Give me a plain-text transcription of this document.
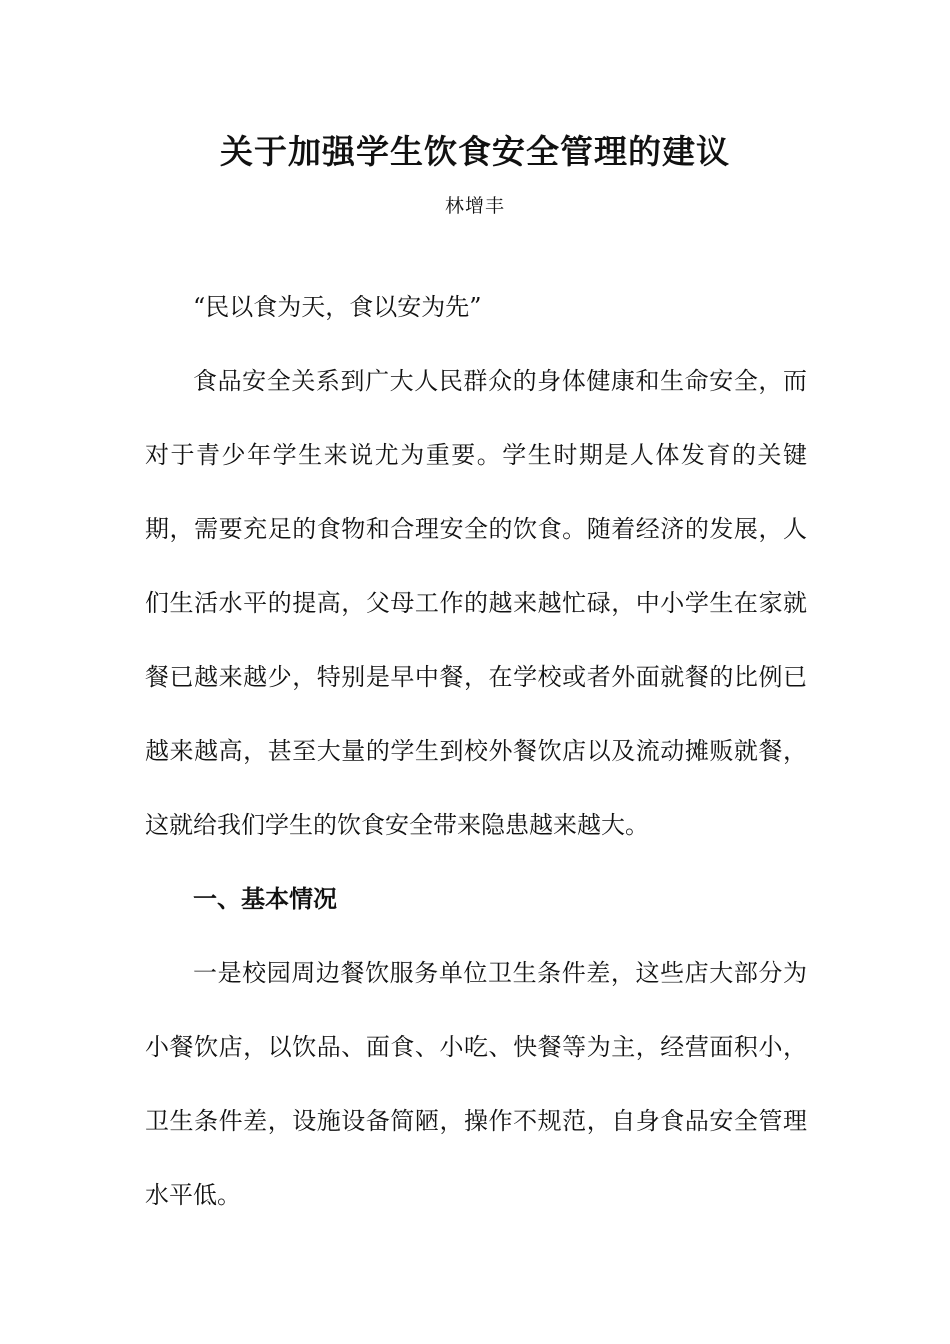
关于加强学生饮食安全管理的建议
林增丰

“民以食为天，食以安为先”

食品安全关系到广大人民群众的身体健康和生命安全，而对于青少年学生来说尤为重要。学生时期是人体发育的关键期，需要充足的食物和合理安全的饮食。随着经济的发展，人们生活水平的提高，父母工作的越来越忙碌，中小学生在家就餐已越来越少，特别是早中餐，在学校或者外面就餐的比例已越来越高，甚至大量的学生到校外餐饮店以及流动摊贩就餐，这就给我们学生的饮食安全带来隐患越来越大。

一、基本情况

一是校园周边餐饮服务单位卫生条件差，这些店大部分为小餐饮店，以饮品、面食、小吃、快餐等为主，经营面积小，卫生条件差，设施设备简陋，操作不规范，自身食品安全管理水平低。
